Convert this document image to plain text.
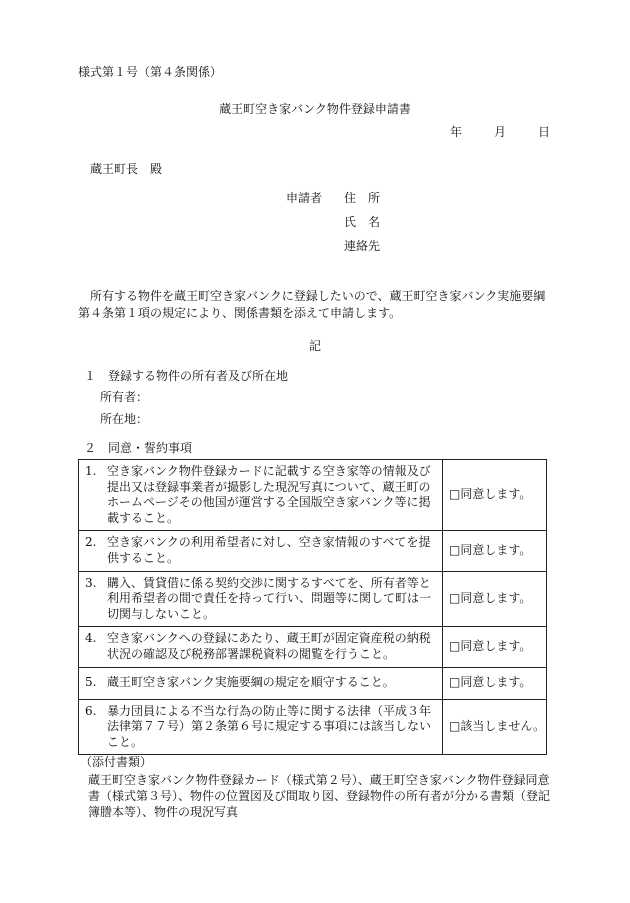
様式第１号（第４条関係）
蔵王町空き家バンク物件登録申請書
年	月	日
蔵王町長　殿
申請者 住　所
氏　名
連絡先
所有する物件を蔵王町空き家バンクに登録したいので、蔵王町空き家バンク実施要綱第４条第１項の規定により、関係書類を添えて申請します。
記
１　登録する物件の所有者及び所在地
所有者：
所在地：
２　同意・誓約事項
1. 空き家バンク物件登録カードに記載する空き家等の情報及び提出又は登録事業者が撮影した現況写真について、蔵王町のホームページその他国が運営する全国版空き家バンク等に掲載すること。	□同意します。

2. 空き家バンクの利用希望者に対し、空き家情報のすべてを提供すること。	□同意します。

3. 購入、賃貸借に係る契約交渉に関するすべてを、所有者等と利用希望者の間で責任を持って行い、問題等に関して町は一切関与しないこと。	□同意します。

4. 空き家バンクへの登録にあたり、蔵王町が固定資産税の納税状況の確認及び税務部署課税資料の閲覧を行うこと。	□同意します。

5. 蔵王町空き家バンク実施要綱の規定を順守すること。	□同意します。

6. 暴力団員による不当な行為の防止等に関する法律（平成３年法律第７７号）第２条第６号に規定する事項には該当しないこと。	□該当しません。
（添付書類）
蔵王町空き家バンク物件登録カード（様式第２号）、蔵王町空き家バンク物件登録同意書（様式第３号）、物件の位置図及び間取り図、登録物件の所有者が分かる書類（登記簿謄本等）、物件の現況写真
